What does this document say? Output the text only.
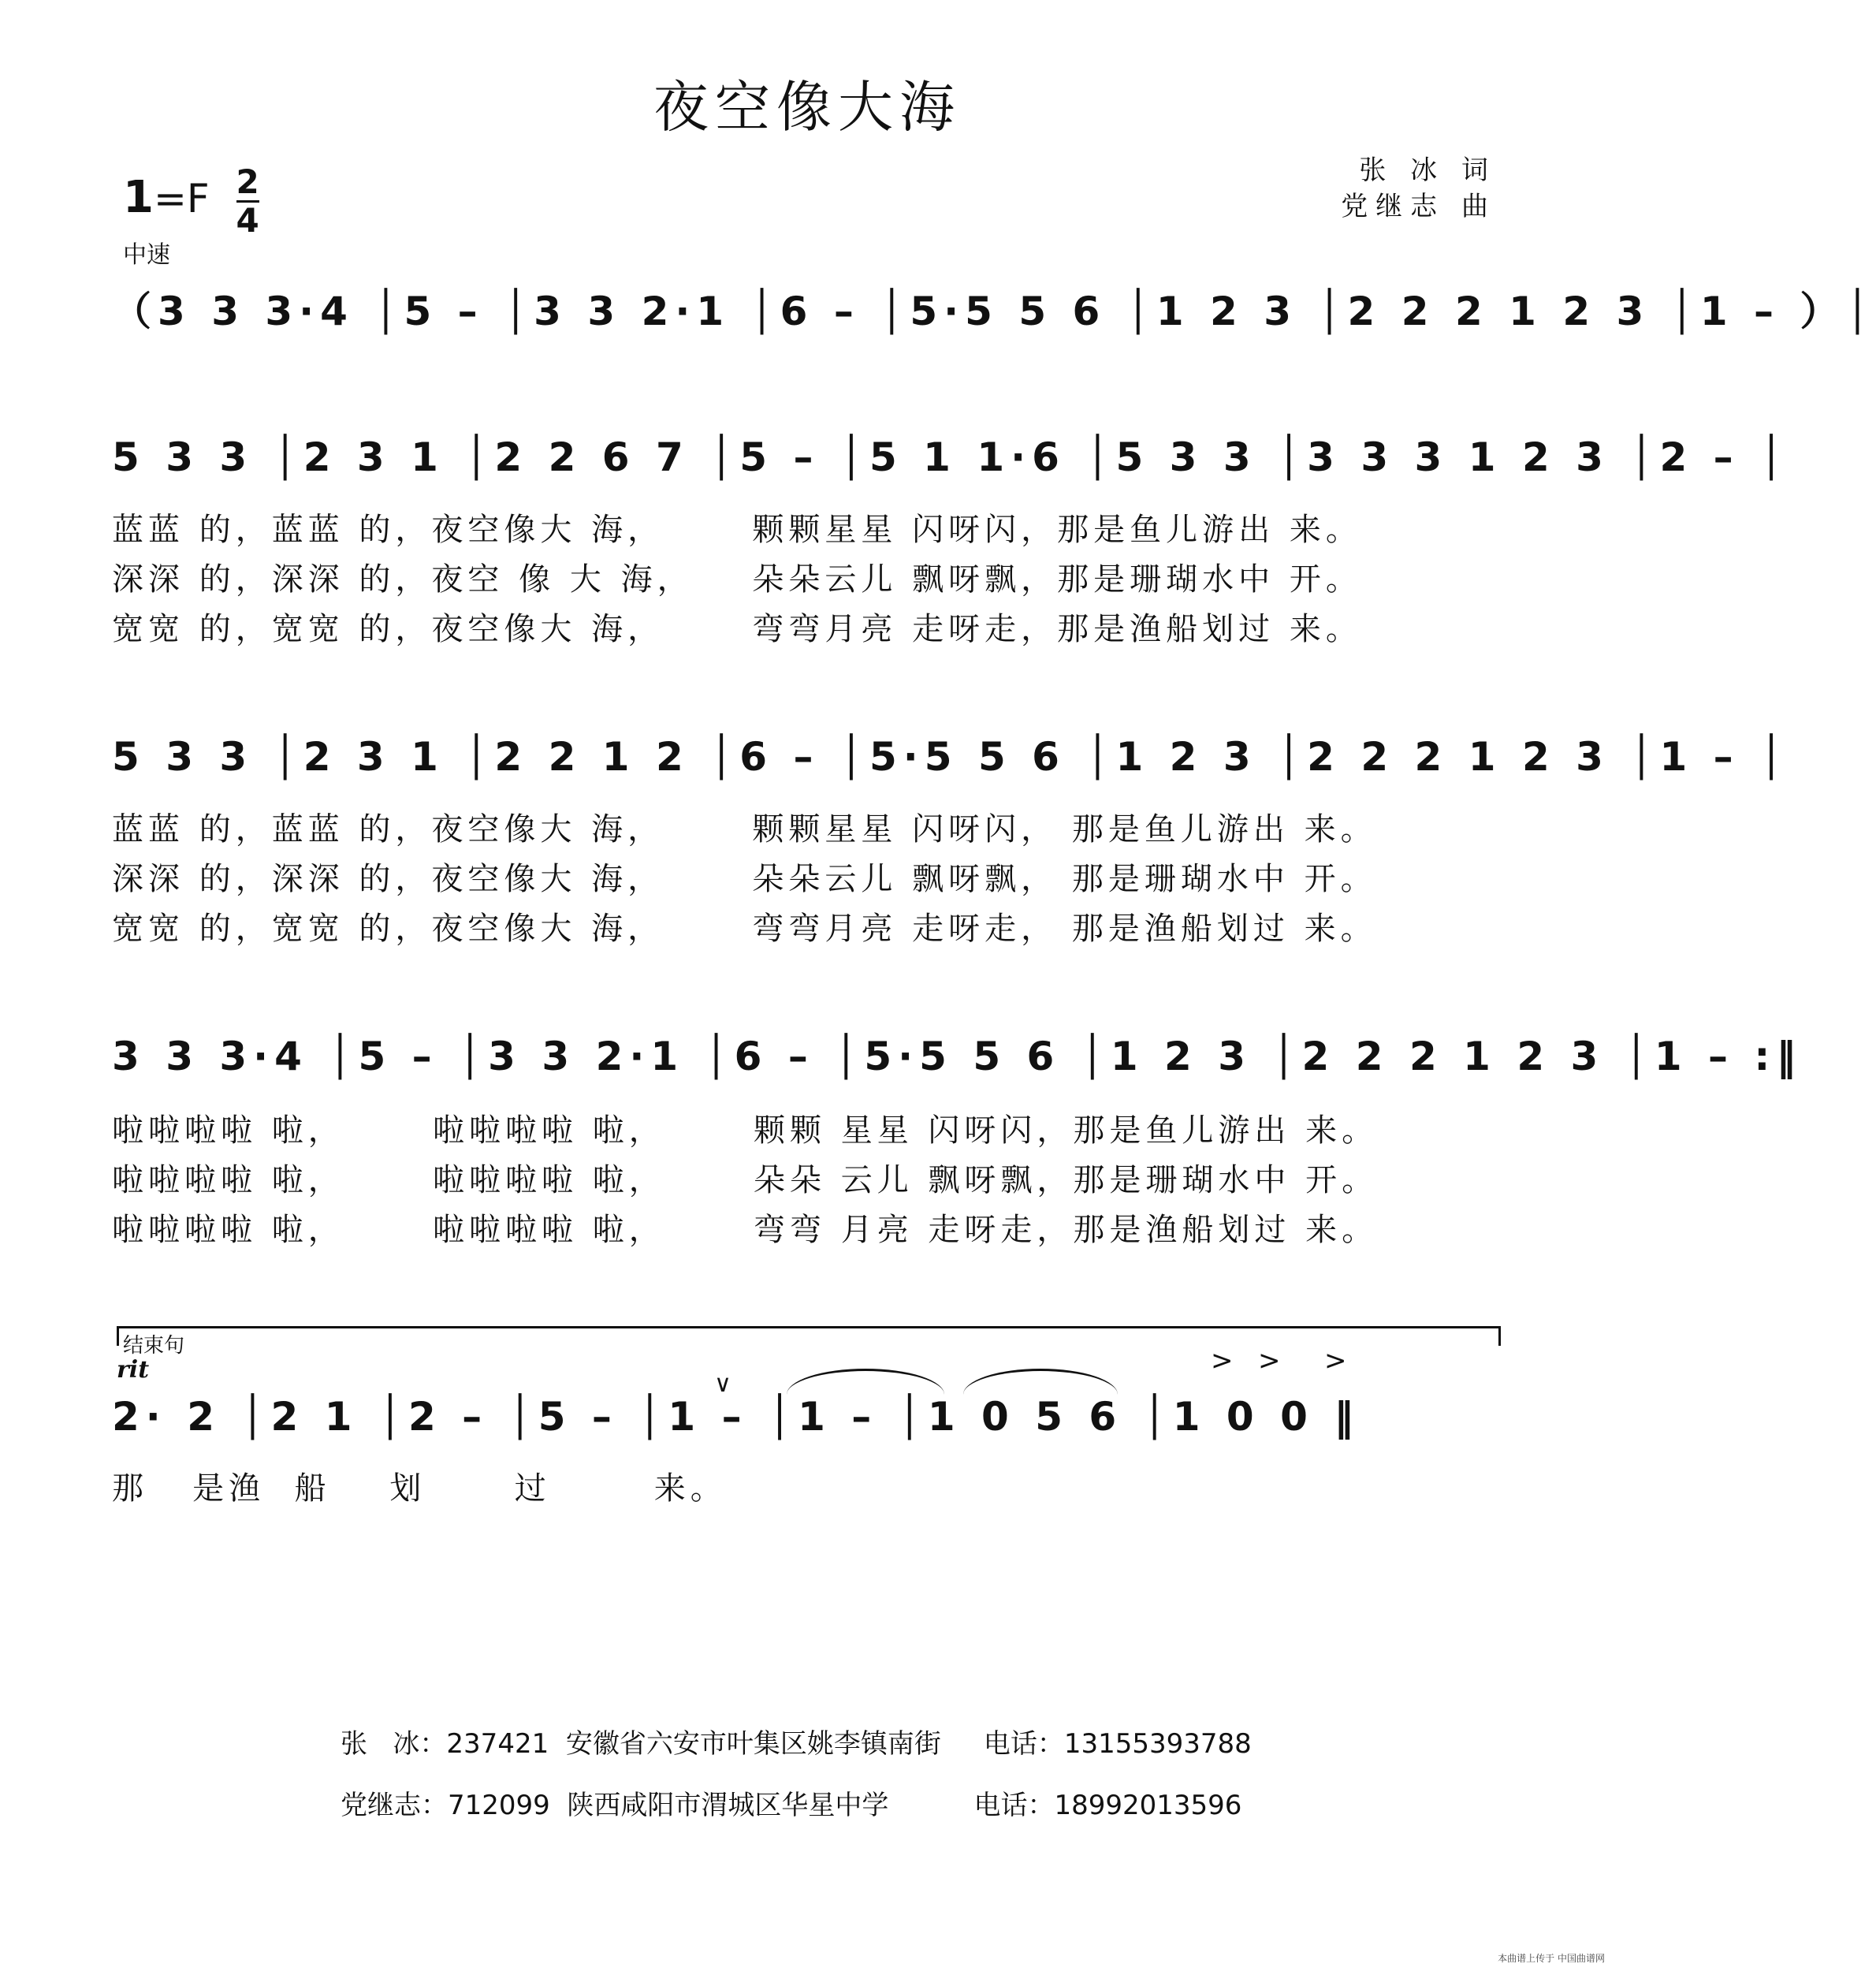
夜空像大海
$1=F \frac{2}{4}$	张 冰 词
党继志 曲
中速
（3 3 3·4 │5 – │3 3 2·1 │6 – │5·5 5 6 │1 2 3 │2 2 2 1 2 3 │1 – ）│
5 3 3 │2 3 1 │2 2 6 7 │5 – │5 1 1·6 │5 3 3 │3 3 3 1 2 3 │2 – │
蓝蓝 的，蓝蓝 的，夜空像大 海，      颗颗星星 闪呀闪，那是鱼儿游出 来。
深深 的，深深 的，夜空 像 大 海，    朵朵云儿 飘呀飘，那是珊瑚水中 开。
宽宽 的，宽宽 的，夜空像大 海，      弯弯月亮 走呀走，那是渔船划过 来。
5 3 3 │2 3 1 │2 2 1 2 │6 – │5·5 5 6 │1 2 3 │2 2 2 1 2 3 │1 – │
蓝蓝 的，蓝蓝 的，夜空像大 海，      颗颗星星 闪呀闪， 那是鱼儿游出 来。
深深 的，深深 的，夜空像大 海，      朵朵云儿 飘呀飘， 那是珊瑚水中 开。
宽宽 的，宽宽 的，夜空像大 海，      弯弯月亮 走呀走， 那是渔船划过 来。
3 3 3·4 │5 – │3 3 2·1 │6 – │5·5 5 6 │1 2 3 │2 2 2 1 2 3 │1 – :‖
啦啦啦啦 啦，      啦啦啦啦 啦，      颗颗 星星 闪呀闪，那是鱼儿游出 来。
啦啦啦啦 啦，      啦啦啦啦 啦，      朵朵 云儿 飘呀飘，那是珊瑚水中 开。
啦啦啦啦 啦，      啦啦啦啦 啦，      弯弯 月亮 走呀走，那是渔船划过 来。
结束句
rit	> > >
∨
2· 2 │2 1 │2 – │5 – │1 – │1 – │1 0 5 6 │1 0 0 ‖
那   是渔  船    划      过       来。
张   冰：237421  安徽省六安市叶集区姚李镇南街     电话：13155393788
党继志：712099  陕西咸阳市渭城区华星中学          电话：18992013596
本曲谱上传于 中国曲谱网
